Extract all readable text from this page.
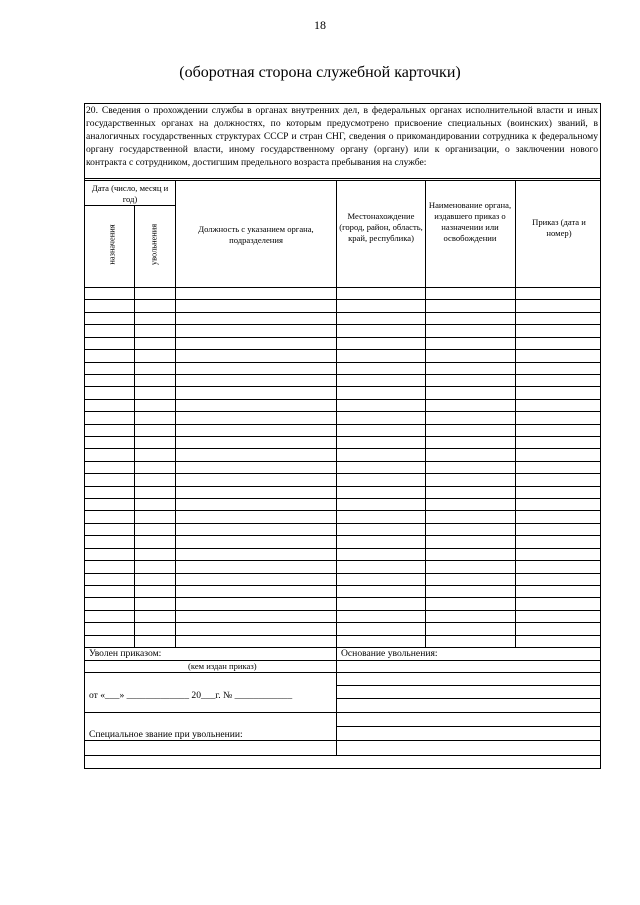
18
(оборотная сторона служебной карточки)
20. Сведения о прохождении службы в органах внутренних дел, в федеральных органах исполнительной власти и иных государственных органах на должностях, по которым предусмотрено присвоение специальных (воинских) званий, в аналогичных государственных структурах СССР и стран СНГ, сведения о прикомандировании сотрудника к федеральному органу государственной власти, иному государственному органу (органу) или к организации, о заключении нового контракта с сотрудником, достигшим предельного возраста пребывания на службе:
Дата (число, месяц и год)
назначения	увольнения	Должность с указанием органа, подразделения
Местонахождение (город, район, область, край, республика)
Наименование органа, издавшего приказ о назначении или освобождении
Приказ (дата и номер)
Уволен приказом:
(кем издан приказ)
от «___» _____________ 20___г. № ____________
Специальное звание при увольнении:
Основание увольнения:
